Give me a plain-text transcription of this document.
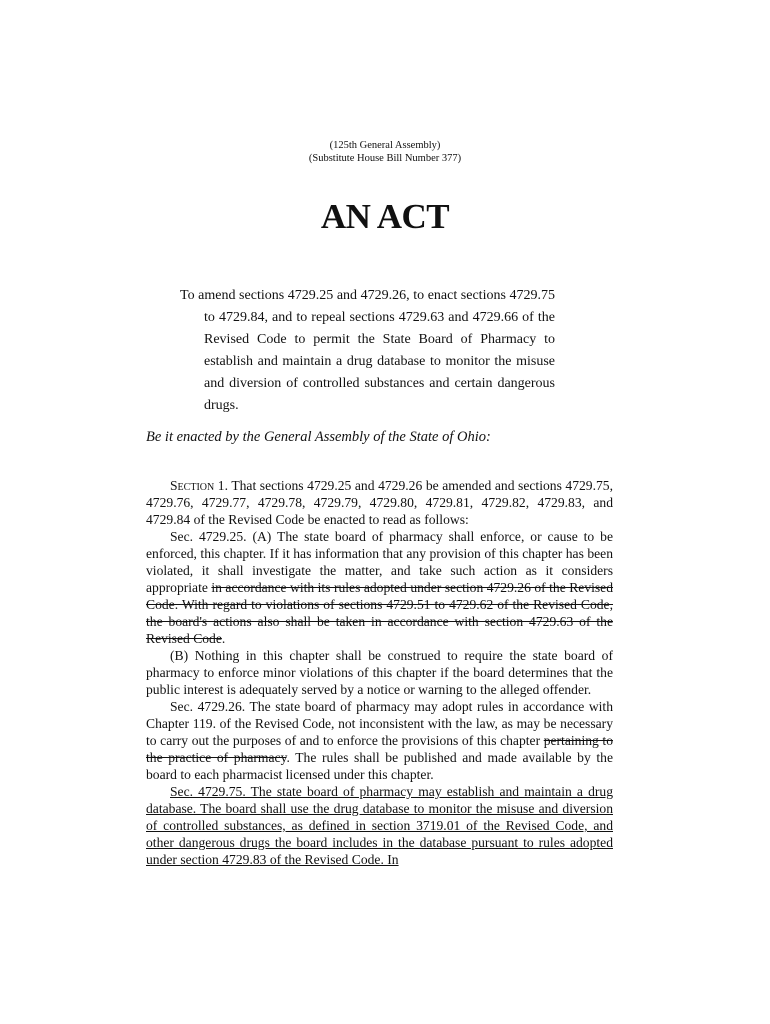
(125th General Assembly)
(Substitute House Bill Number 377)
AN ACT

To amend sections 4729.25 and 4729.26, to enact sections 4729.75 to 4729.84, and to repeal sections 4729.63 and 4729.66 of the Revised Code to permit the State Board of Pharmacy to establish and maintain a drug database to monitor the misuse and diversion of controlled substances and certain dangerous drugs.

Be it enacted by the General Assembly of the State of Ohio:

Section 1. That sections 4729.25 and 4729.26 be amended and sections 4729.75, 4729.76, 4729.77, 4729.78, 4729.79, 4729.80, 4729.81, 4729.82, 4729.83, and 4729.84 of the Revised Code be enacted to read as follows:

Sec. 4729.25. (A) The state board of pharmacy shall enforce, or cause to be enforced, this chapter. If it has information that any provision of this chapter has been violated, it shall investigate the matter, and take such action as it considers appropriate in accordance with its rules adopted under section 4729.26 of the Revised Code. With regard to violations of sections 4729.51 to 4729.62 of the Revised Code, the board's actions also shall be taken in accordance with section 4729.63 of the Revised Code.

(B) Nothing in this chapter shall be construed to require the state board of pharmacy to enforce minor violations of this chapter if the board determines that the public interest is adequately served by a notice or warning to the alleged offender.

Sec. 4729.26. The state board of pharmacy may adopt rules in accordance with Chapter 119. of the Revised Code, not inconsistent with the law, as may be necessary to carry out the purposes of and to enforce the provisions of this chapter pertaining to the practice of pharmacy. The rules shall be published and made available by the board to each pharmacist licensed under this chapter.

Sec. 4729.75. The state board of pharmacy may establish and maintain a drug database. The board shall use the drug database to monitor the misuse and diversion of controlled substances, as defined in section 3719.01 of the Revised Code, and other dangerous drugs the board includes in the database pursuant to rules adopted under section 4729.83 of the Revised Code. In
